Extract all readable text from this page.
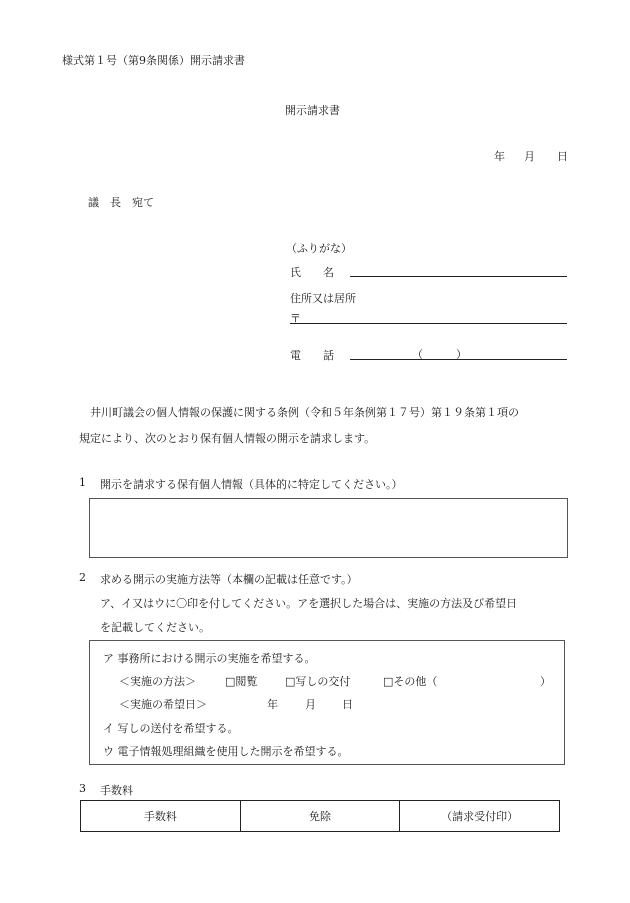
様式第１号（第9条関係）開示請求書
開示請求書
年 月 日
議　長　宛て
（ふりがな）
氏　　名
住所又は居所
〒
電　　話	（　　　）
井川町議会の個人情報の保護に関する条例（令和５年条例第１７号）第１９条第１項の
規定により、次のとおり保有個人情報の開示を請求します。
1 開示を請求する保有個人情報（具体的に特定してください。）
2 求める開示の実施方法等（本欄の記載は任意です。）
ア、イ又はウに〇印を付してください。アを選択した場合は、実施の方法及び希望日
を記載してください。
ア 事務所における開示の実施を希望する。
＜実施の方法＞	□閲覧	□写しの交付	□その他（	）
＜実施の希望日＞	年 月 日
イ 写しの送付を希望する。
ウ 電子情報処理組織を使用した開示を希望する。
3 手数料
手数料	免除	（請求受付印）
